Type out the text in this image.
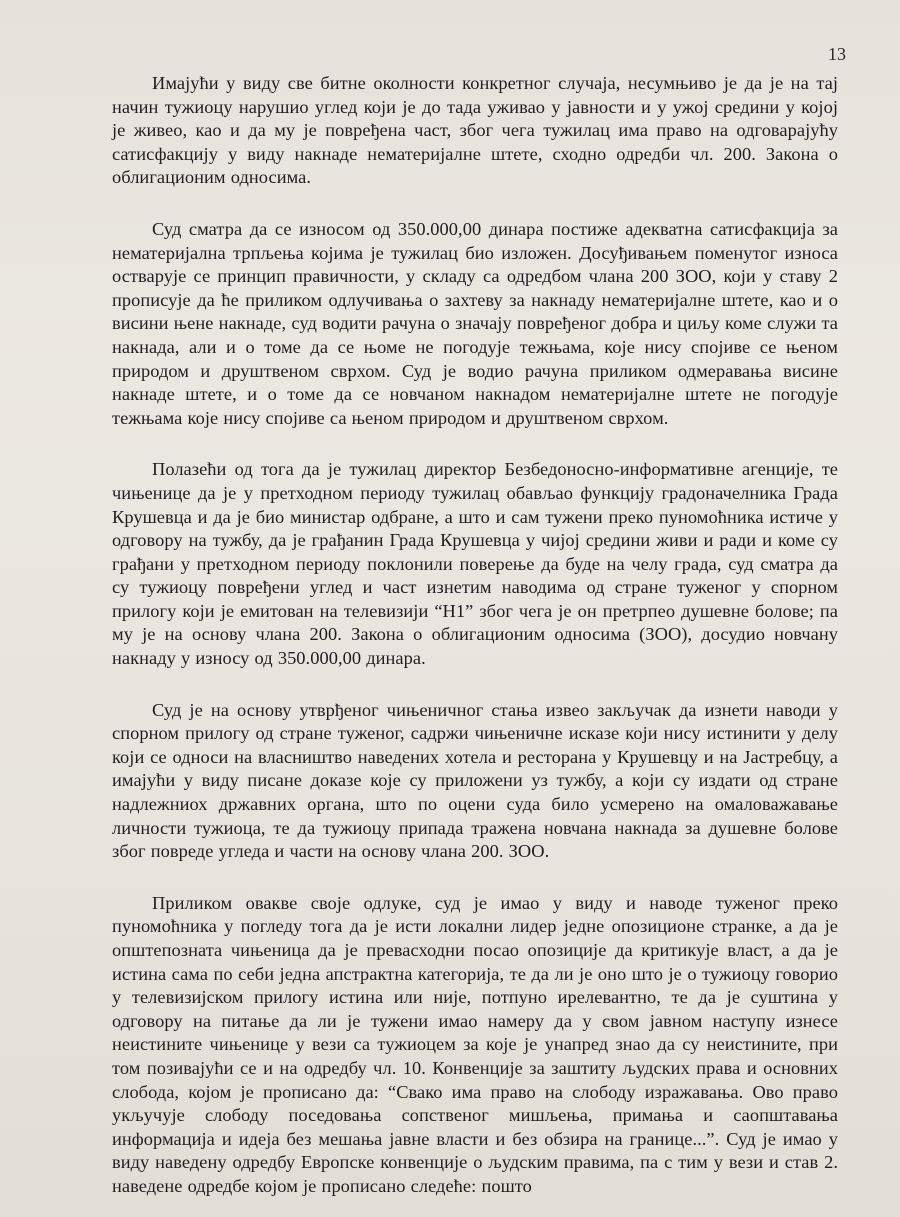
13

Имајући у виду све битне околности конкретног случаја, несумњиво је да је на тај начин тужиоцу нарушио углед који је до тада уживао у јавности и у ужој средини у којој је живео, као и да му је повређена част, због чега тужилац има право на одговарајућу сатисфакцију у виду накнаде нематеријалне штете, сходно одредби чл. 200. Закона о облигационим односима.

Суд сматра да се износом од 350.000,00 динара постиже адекватна сатисфакција за нематеријална трпљења којима је тужилац био изложен. Досуђивањем поменутог износа остварује се принцип правичности, у складу са одредбом члана 200 ЗОО, који у ставу 2 прописује да ће приликом одлучивања о захтеву за накнаду нематеријалне штете, као и о висини њене накнаде, суд водити рачуна о значају повређеног добра и циљу коме служи та накнада, али и о томе да се њоме не погодује тежњама, које нису спојиве се њеном природом и друштвеном сврхом. Суд је водио рачуна приликом одмеравања висине накнаде штете, и о томе да се новчаном накнадом нематеријалне штете не погодује тежњама које нису спојиве са њеном природом и друштвеном сврхом.

Полазећи од тога да је тужилац директор Безбедоносно-информативне агенције, те чињенице да је у претходном периоду тужилац обављао функцију градоначелника Града Крушевца и да је био министар одбране, а што и сам тужени преко пуномоћника истиче у одговору на тужбу, да је грађанин Града Крушевца у чијој средини живи и ради и коме су грађани у претходном периоду поклонили поверење да буде на челу града, суд сматра да су тужиоцу повређени углед и част изнетим наводима од стране туженог у спорном прилогу који је емитован на телевизији “Н1” због чега је он претрпео душевне болове; па му је на основу члана 200. Закона о облигационим односима (ЗОО), досудио новчану накнаду у износу од 350.000,00 динара.

Суд је на основу утврђеног чињеничног стања извео закључак да изнети наводи у спорном прилогу од стране туженог, садржи чињеничне исказе који нису истинити у делу који се односи на власништво наведених хотела и ресторана у Крушевцу и на Јастребцу, а имајући у виду писане доказе које су приложени уз тужбу, а који су издати од стране надлежниох државних органа, што по оцени суда било усмерено на омаловажавање личности тужиоца, те да тужиоцу припада тражена новчана накнада за душевне болове због повреде угледа и части на основу члана 200. ЗОО.

Приликом овакве своје одлуке, суд је имао у виду и наводе туженог преко пуномоћника у погледу тога да је исти локални лидер једне опозиционе странке, а да је општепозната чињеница да је превасходни посао опозиције да критикује власт, а да је истина сама по себи једна апстрактна категорија, те да ли је оно што је о тужиоцу говорио у телевизијском прилогу истина или није, потпуно ирелевантно, те да је суштина у одговору на питање да ли је тужени имао намеру да у свом јавном наступу изнесе неистините чињенице у вези са тужиоцем за које је унапред знао да су неистините, при том позивајући се и на одредбу чл. 10. Конвенције за заштиту људских права и основних слобода, којом је прописано да: “Свако има право на слободу изражавања. Ово право укључује слободу поседовања сопственог мишљења, примања и саопштавања информација и идеја без мешања јавне власти и без обзира на границе...”. Суд је имао у виду наведену одредбу Европске конвенције о људским правима, па с тим у вези и став 2. наведене одредбе којом је прописано следеће: пошто
